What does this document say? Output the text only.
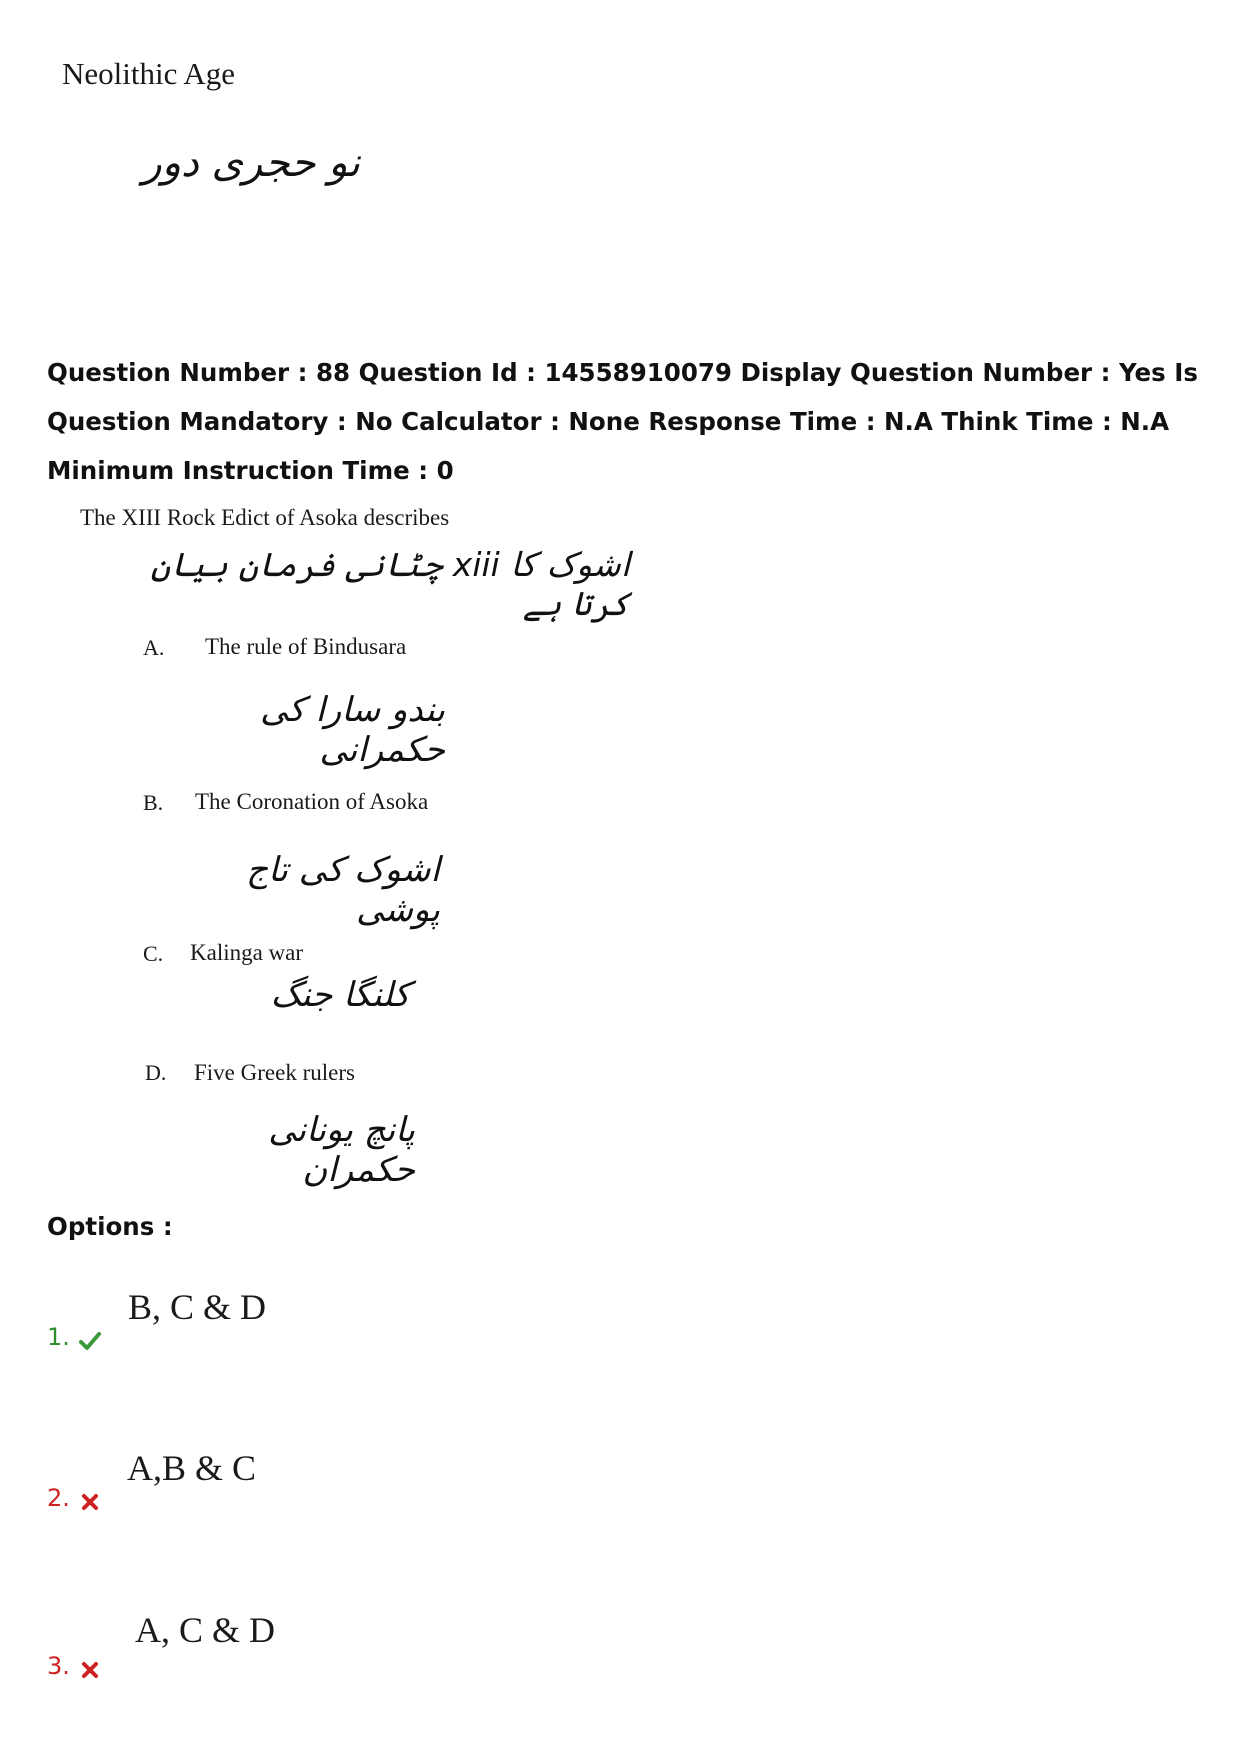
Neolithic Age
نو حجری دور
Question Number : 88 Question Id : 14558910079 Display Question Number : Yes Is Question Mandatory : No Calculator : None Response Time : N.A Think Time : N.A Minimum Instruction Time : 0
The XIII Rock Edict of Asoka describes
اشوک کا xiii چٹانی فرمان بیان کرتا ہے
A. The rule of Bindusara
بندو سارا کی حکمرانی
B. The Coronation of Asoka
اشوک کی تاج پوشی
C. Kalinga war
کلنگا جنگ
D. Five Greek rulers
پانچ یونانی حکمران
Options :
B, C & D
1.
A,B & C
2.
A, C & D
3.
